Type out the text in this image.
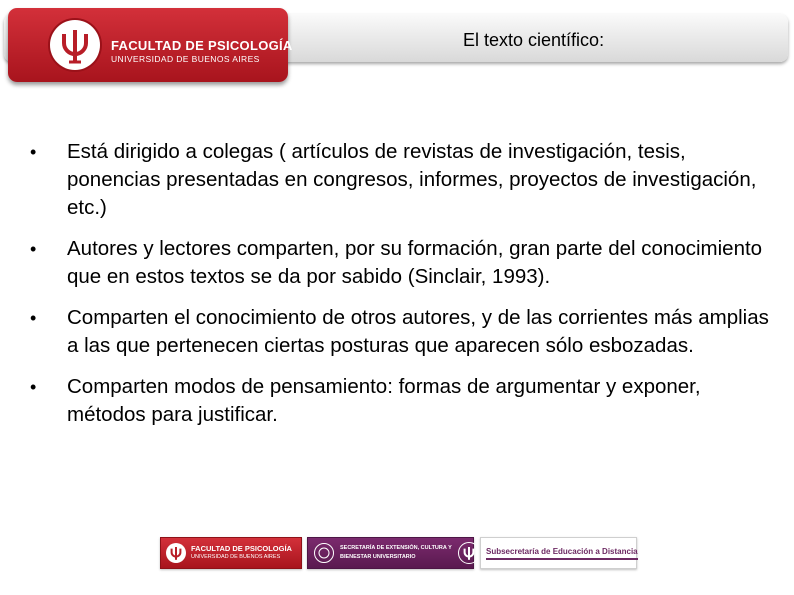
FACULTAD DE PSICOLOGÍA
UNIVERSIDAD DE BUENOS AIRES
El texto científico:
• Está dirigido a colegas ( artículos de revistas de investigación, tesis, ponencias presentadas en congresos, informes, proyectos de investigación, etc.)
• Autores y lectores comparten, por su formación, gran parte del conocimiento que en estos textos se da por sabido (Sinclair, 1993).
• Comparten el conocimiento de otros autores, y de las corrientes más amplias a las que pertenecen ciertas posturas que aparecen sólo esbozadas.
• Comparten modos de pensamiento: formas de argumentar y exponer, métodos para justificar.
FACULTAD DE PSICOLOGÍA
UNIVERSIDAD DE BUENOS AIRES
SECRETARÍA DE EXTENSIÓN, CULTURA Y
BIENESTAR UNIVERSITARIO
Subsecretaría de Educación a Distancia
